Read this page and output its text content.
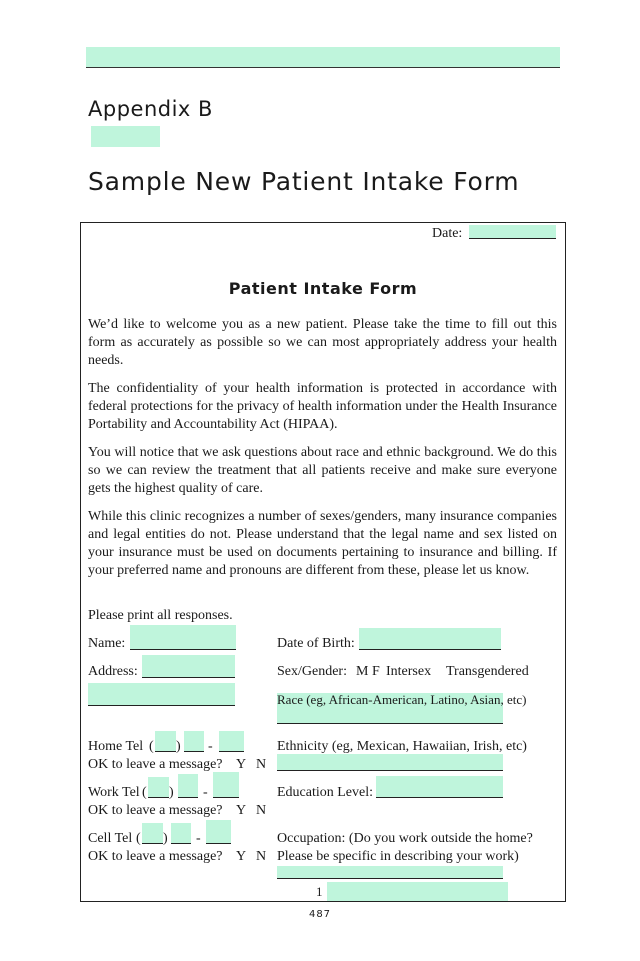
Appendix B
Sample New Patient Intake Form
Date:
Patient Intake Form
We’d like to welcome you as a new patient. Please take the time to fill out this form as accurately as possible so we can most appropriately address your health needs.
The confidentiality of your health information is protected in accordance with federal protections for the privacy of health information under the Health Insurance Portability and Accountability Act (HIPAA).
You will notice that we ask questions about race and ethnic background. We do this so we can review the treatment that all patients receive and make sure everyone gets the highest quality of care.
While this clinic recognizes a number of sexes/genders, many insurance companies and legal entities do not. Please understand that the legal name and sex listed on your insurance must be used on documents pertaining to insurance and billing. If your preferred name and pronouns are different from these, please let us know.
Please print all responses.
Name:
Address:
Home Tel ( ) -
OK to leave a message? Y N
Work Tel ( ) -
OK to leave a message? Y N
Cell Tel ( ) -
OK to leave a message? Y N
Date of Birth:
Sex/Gender: M F Intersex Transgendered
Race (eg, African-American, Latino, Asian, etc)
Ethnicity (eg, Mexican, Hawaiian, Irish, etc)
Education Level:
Occupation: (Do you work outside the home?
Please be specific in describing your work)
1
487
